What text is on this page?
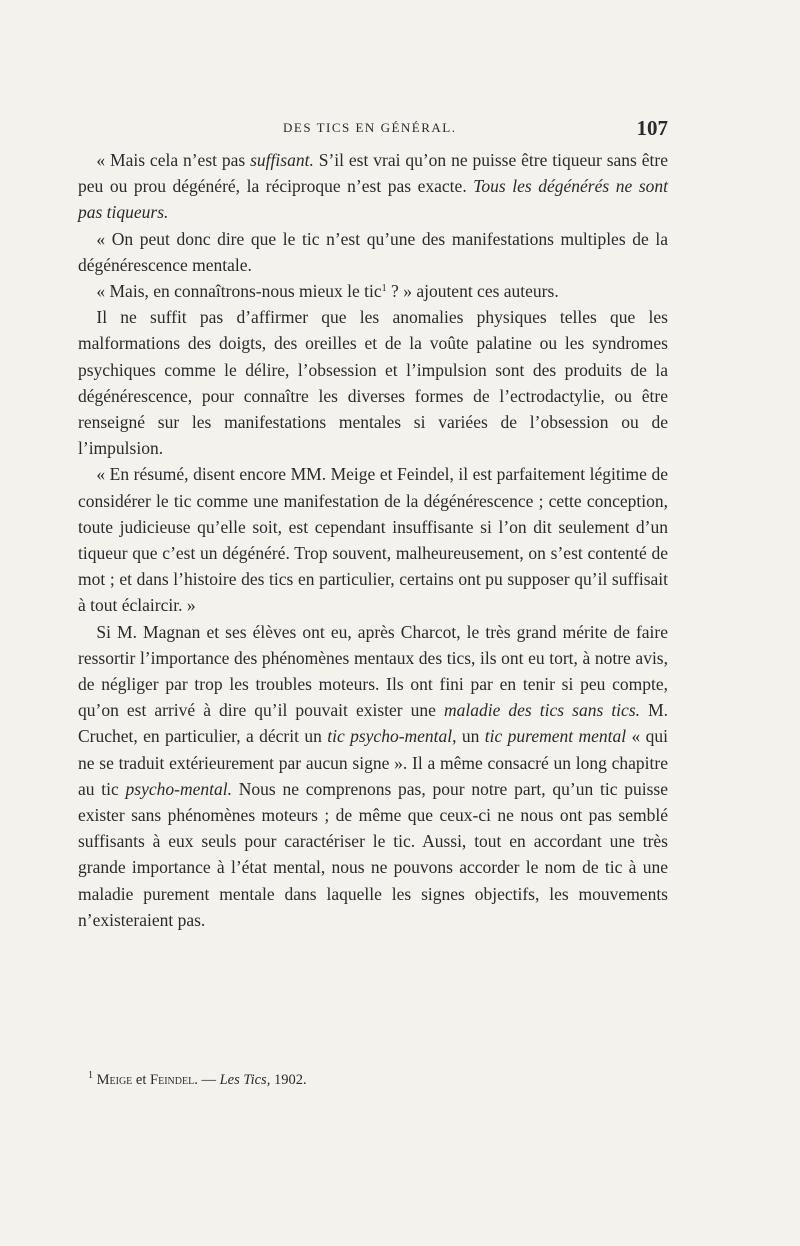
DES TICS EN GÉNÉRAL.	107

« Mais cela n’est pas suffisant. S’il est vrai qu’on ne puisse être tiqueur sans être peu ou prou dégénéré, la réciproque n’est pas exacte. Tous les dégénérés ne sont pas tiqueurs.

« On peut donc dire que le tic n’est qu’une des manifestations multiples de la dégénérescence mentale.

« Mais, en connaîtrons-nous mieux le tic$^1$ ? » ajoutent ces auteurs.

Il ne suffit pas d’affirmer que les anomalies physiques telles que les malformations des doigts, des oreilles et de la voûte palatine ou les syndromes psychiques comme le délire, l’obsession et l’impulsion sont des produits de la dégénérescence, pour connaître les diverses formes de l’ectrodactylie, ou être renseigné sur les manifestations mentales si variées de l’obsession ou de l’impulsion.

« En résumé, disent encore MM. Meige et Feindel, il est parfaitement légitime de considérer le tic comme une manifestation de la dégénérescence ; cette conception, toute judicieuse qu’elle soit, est cependant insuffisante si l’on dit seulement d’un tiqueur que c’est un dégénéré. Trop souvent, malheureusement, on s’est contenté de mot ; et dans l’histoire des tics en particulier, certains ont pu supposer qu’il suffisait à tout éclaircir. »

Si M. Magnan et ses élèves ont eu, après Charcot, le très grand mérite de faire ressortir l’importance des phénomènes mentaux des tics, ils ont eu tort, à notre avis, de négliger par trop les troubles moteurs. Ils ont fini par en tenir si peu compte, qu’on est arrivé à dire qu’il pouvait exister une maladie des tics sans tics. M. Cruchet, en particulier, a décrit un tic psycho-mental, un tic purement mental « qui ne se traduit extérieurement par aucun signe ». Il a même consacré un long chapitre au tic psycho-mental. Nous ne comprenons pas, pour notre part, qu’un tic puisse exister sans phénomènes moteurs ; de même que ceux-ci ne nous ont pas semblé suffisants à eux seuls pour caractériser le tic. Aussi, tout en accordant une très grande importance à l’état mental, nous ne pouvons accorder le nom de tic à une maladie purement mentale dans laquelle les signes objectifs, les mouvements n’existeraient pas.

$^1$ Meige et Feindel. — Les Tics, 1902.
